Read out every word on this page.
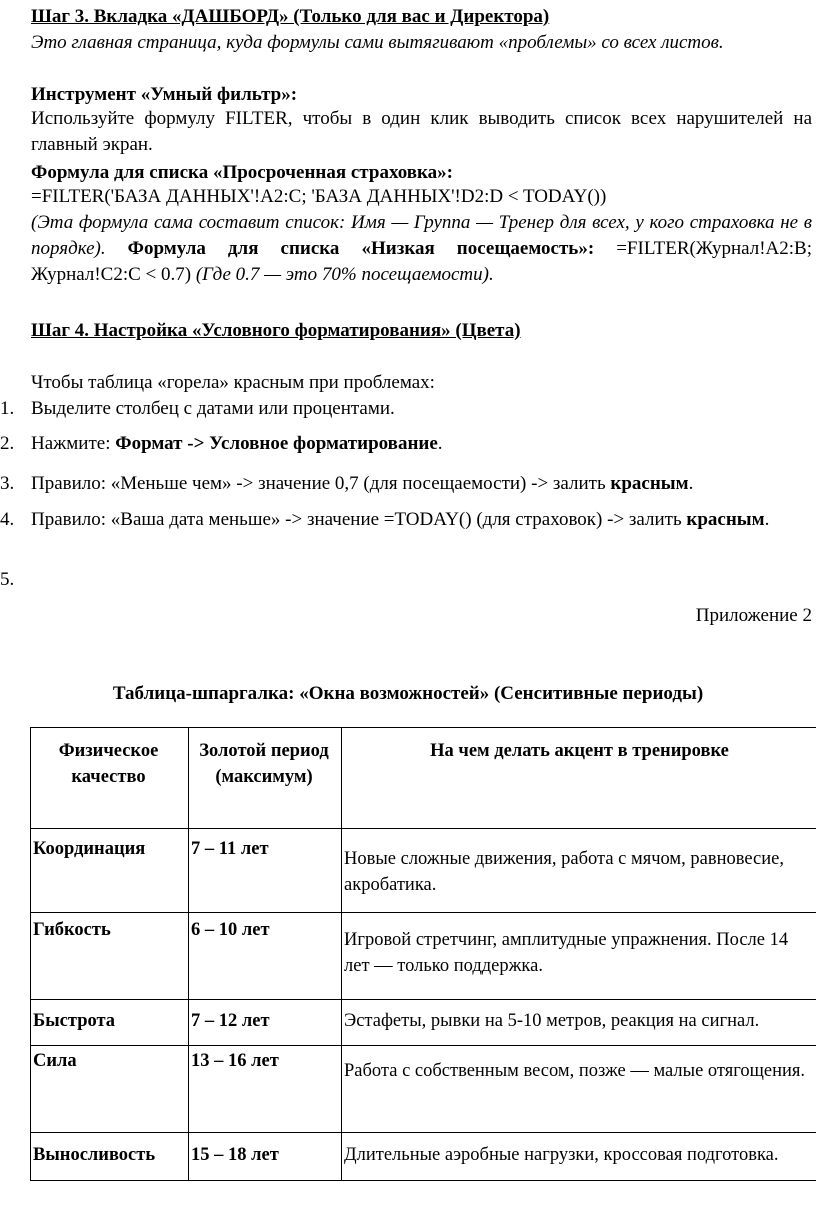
Шаг 3. Вкладка «ДАШБОРД» (Только для вас и Директора)
Это главная страница, куда формулы сами вытягивают «проблемы» со всех листов.
Инструмент «Умный фильтр»:
Используйте формулу FILTER, чтобы в один клик выводить список всех нарушителей на главный экран.
Формула для списка «Просроченная страховка»:
=FILTER('БАЗА ДАННЫХ'!A2:C; 'БАЗА ДАННЫХ'!D2:D < TODAY())
(Эта формула сама составит список: Имя — Группа — Тренер для всех, у кого страховка не в порядке). Формула для списка «Низкая посещаемость»: =FILTER(Журнал!A2:B; Журнал!C2:C < 0.7) (Где 0.7 — это 70% посещаемости).
Шаг 4. Настройка «Условного форматирования» (Цвета)
Чтобы таблица «горела» красным при проблемах:
1. Выделите столбец с датами или процентами.
2. Нажмите: Формат -> Условное форматирование.
3. Правило: «Меньше чем» -> значение 0,7 (для посещаемости) -> залить красным.
4. Правило: «Ваша дата меньше» -> значение =TODAY() (для страховок) -> залить красным.
5.
Приложение 2
Таблица-шпаргалка: «Окна возможностей» (Сенситивные периоды)
Физическое качество	Золотой период (максимум)	На чем делать акцент в тренировке
Координация	7 – 11 лет	Новые сложные движения, работа с мячом, равновесие, акробатика.
Гибкость	6 – 10 лет	Игровой стретчинг, амплитудные упражнения. После 14 лет — только поддержка.
Быстрота	7 – 12 лет	Эстафеты, рывки на 5-10 метров, реакция на сигнал.
Сила	13 – 16 лет	Работа с собственным весом, позже — малые отягощения.
Выносливость	15 – 18 лет	Длительные аэробные нагрузки, кроссовая подготовка.
